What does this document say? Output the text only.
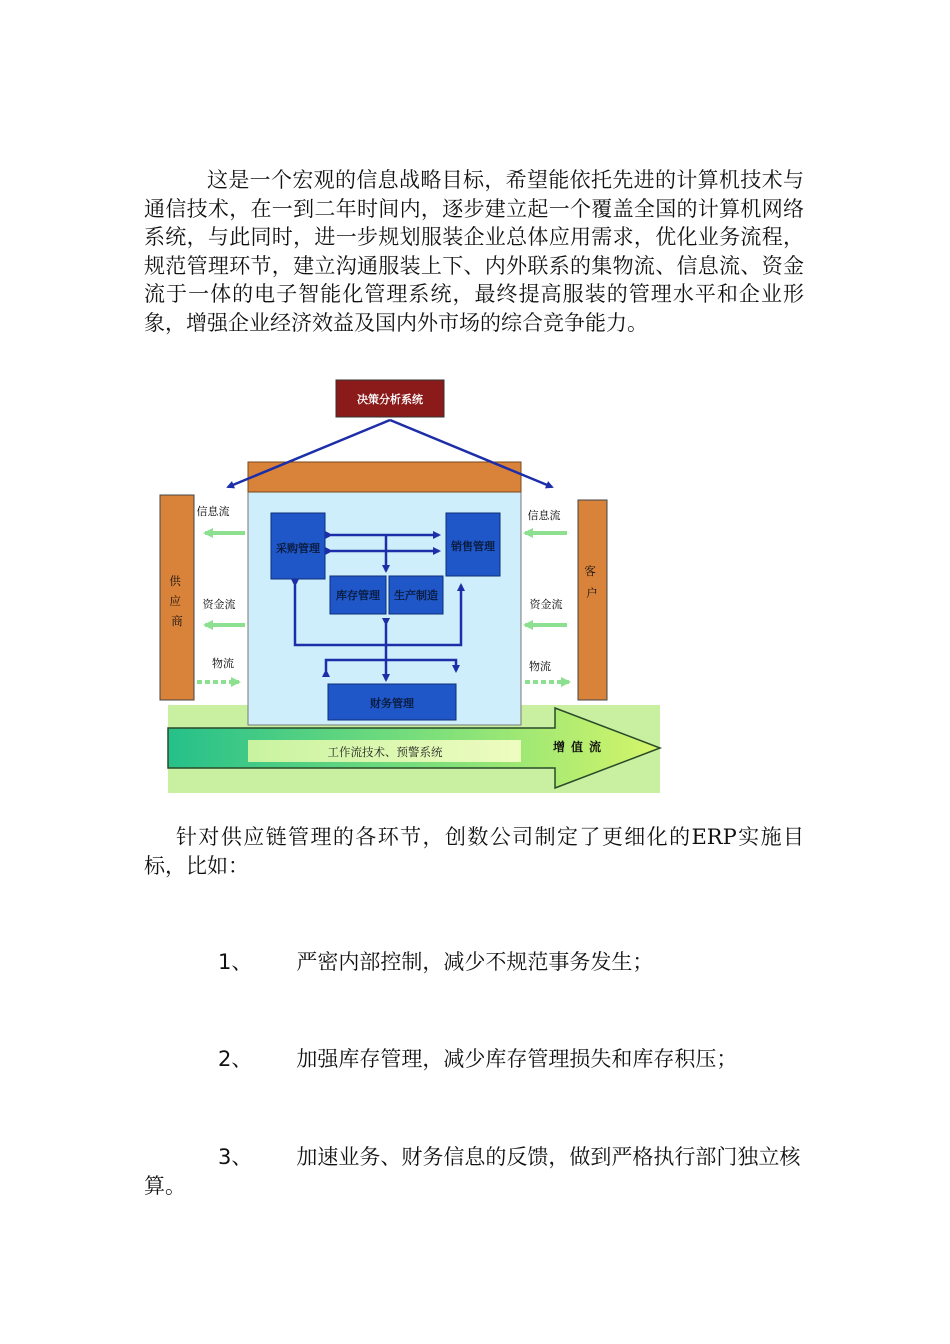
这是一个宏观的信息战略目标，希望能依托先进的计算机技术与通信技术，在一到二年时间内，逐步建立起一个覆盖全国的计算机网络系统，与此同时，进一步规划服装企业总体应用需求，优化业务流程，规范管理环节，建立沟通服装上下、内外联系的集物流、信息流、资金流于一体的电子智能化管理系统，最终提高服装的管理水平和企业形象，增强企业经济效益及国内外市场的综合竞争能力。

工作流技术、预警系统	增值流
决策分析系统
供 应 商
客 户
信息流
资金流
物流
信息流
资金流
物流
采购管理	销售管理
库存管理 生产制造
财务管理

针对供应链管理的各环节，创数公司制定了更细化的ERP实施目标，比如：

1、 严密内部控制，减少不规范事务发生；

2、 加强库存管理，减少库存管理损失和库存积压；

3、 加速业务、财务信息的反馈，做到严格执行部门独立核算。
